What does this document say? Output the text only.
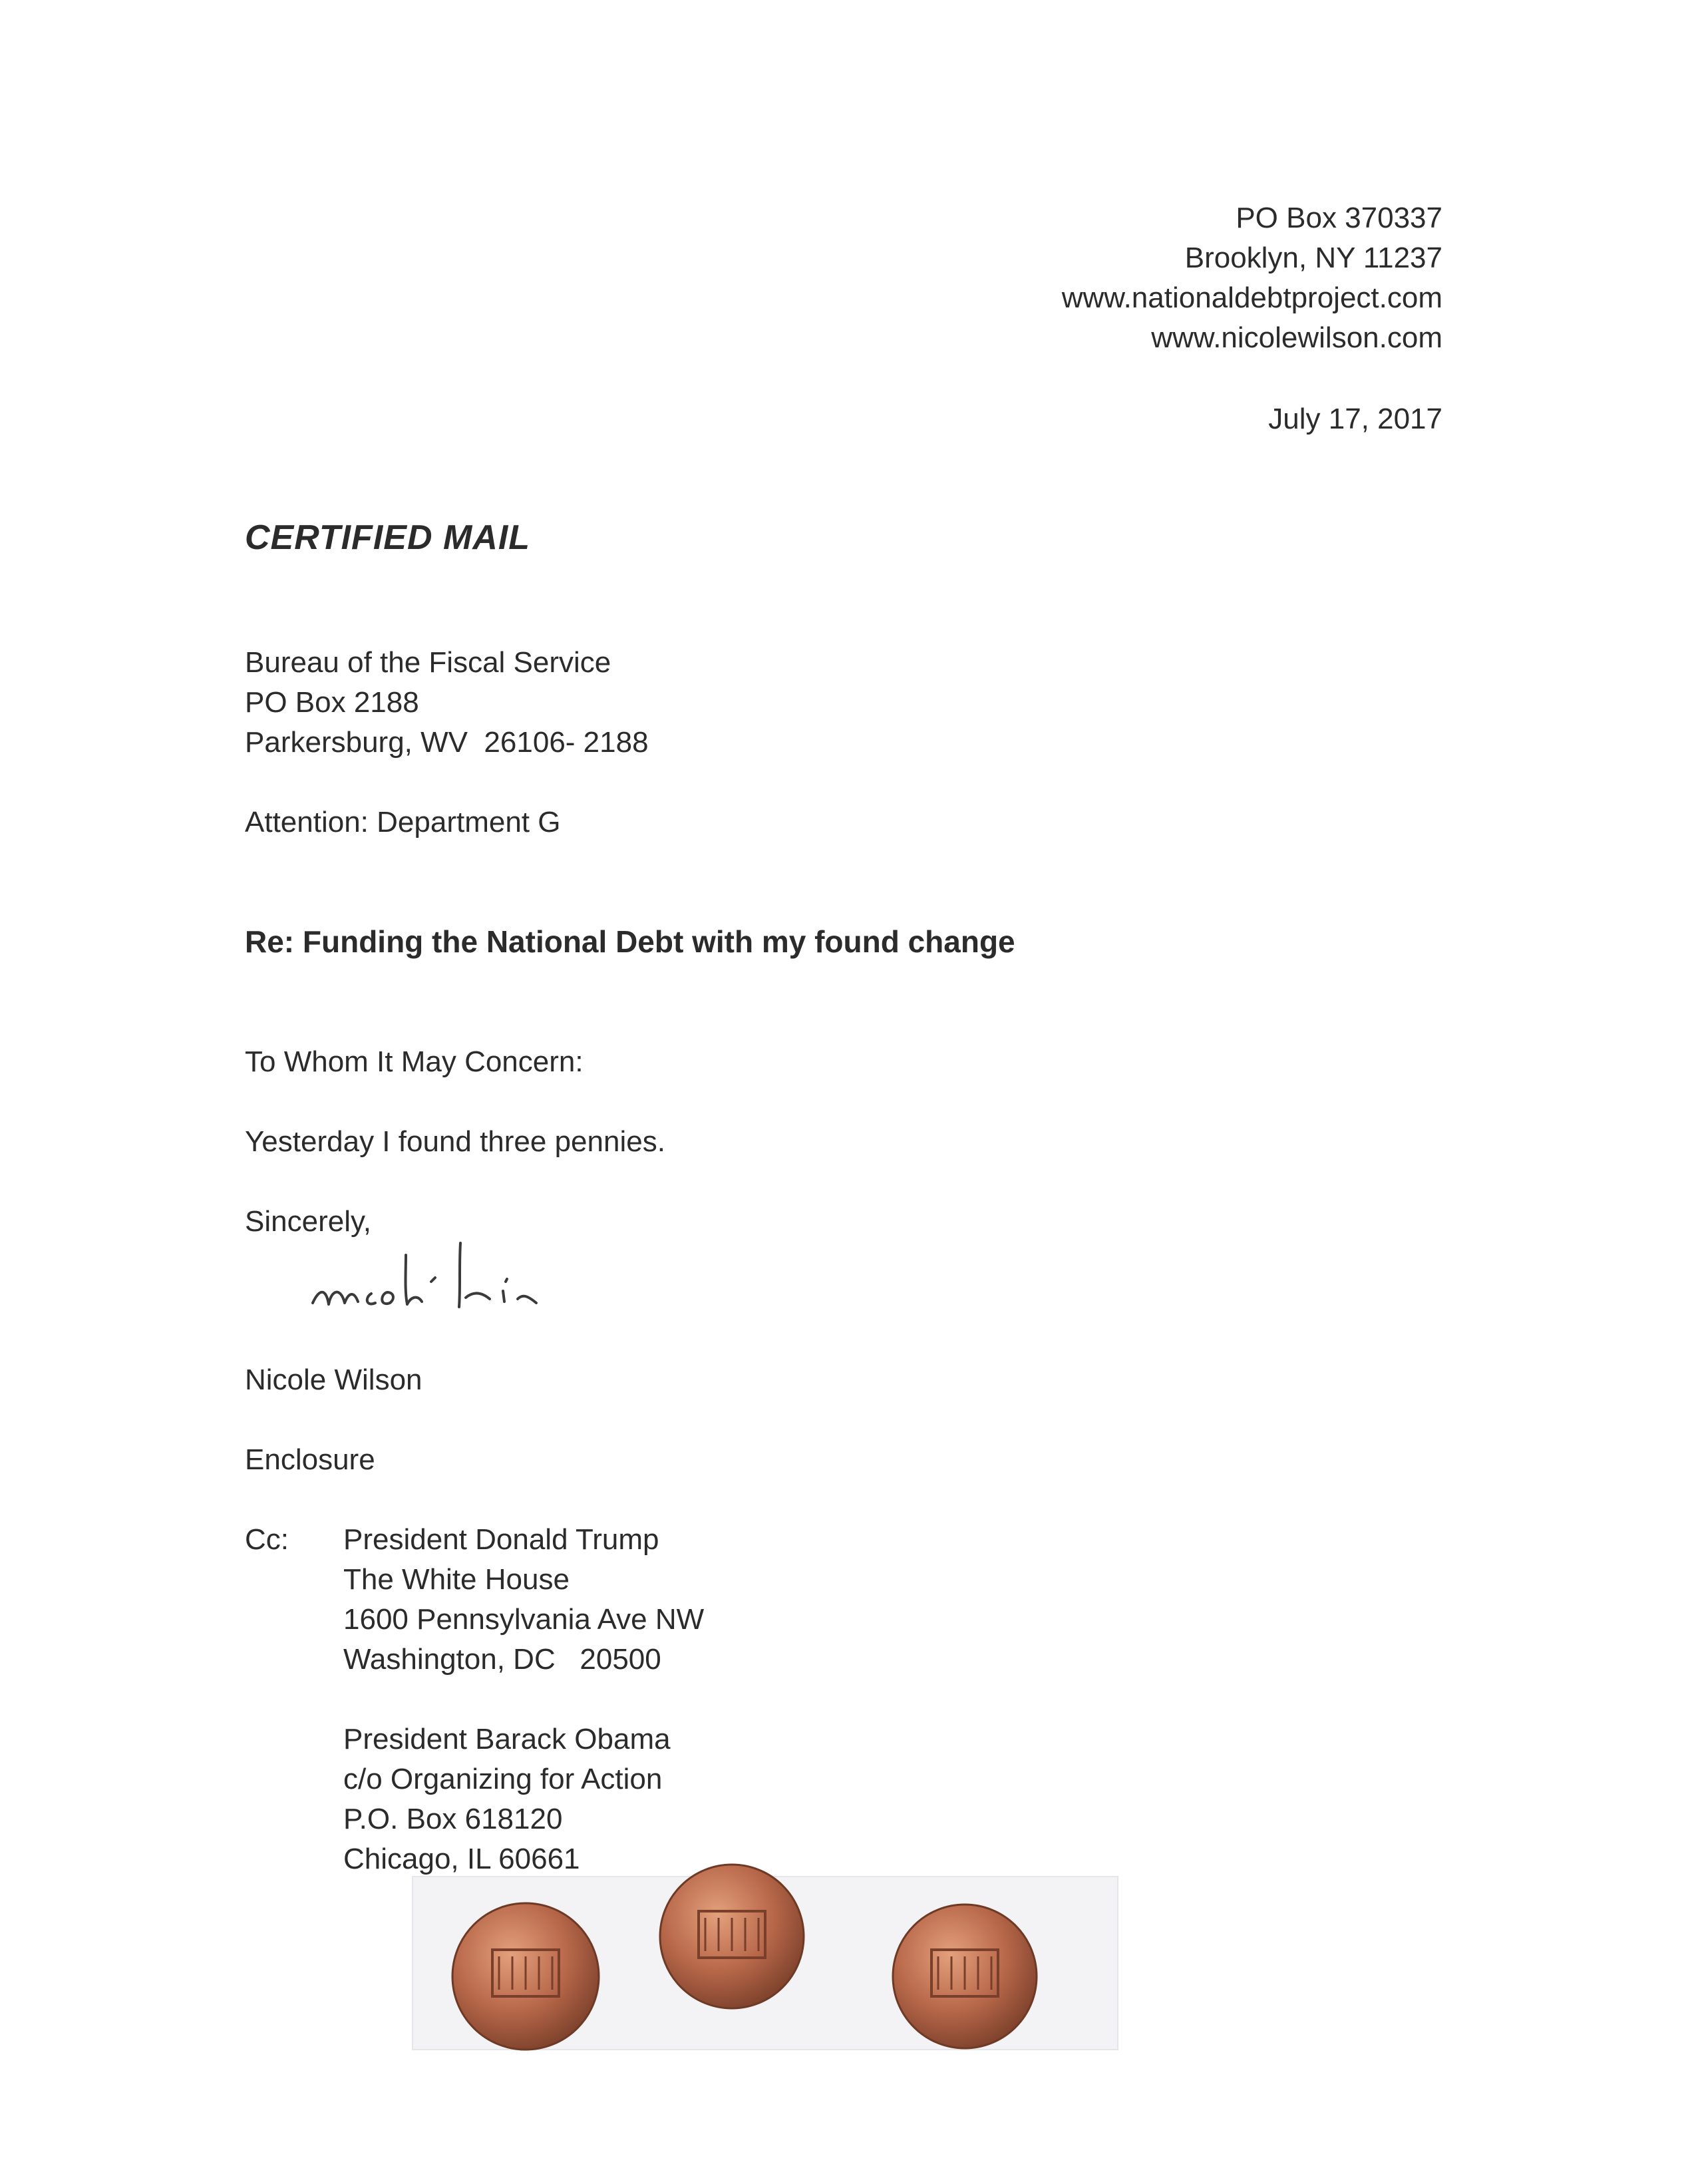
PO Box 370337
Brooklyn, NY 11237
www.nationaldebtproject.com
www.nicolewilson.com
July 17, 2017
CERTIFIED MAIL
Bureau of the Fiscal Service
PO Box 2188
Parkersburg, WV  26106- 2188
Attention: Department G
Re: Funding the National Debt with my found change
To Whom It May Concern:
Yesterday I found three pennies.
Sincerely,
Nicole Wilson
Enclosure
Cc: President Donald Trump
The White House
1600 Pennsylvania Ave NW
Washington, DC   20500
President Barack Obama
c/o Organizing for Action
P.O. Box 618120
Chicago, IL 60661
